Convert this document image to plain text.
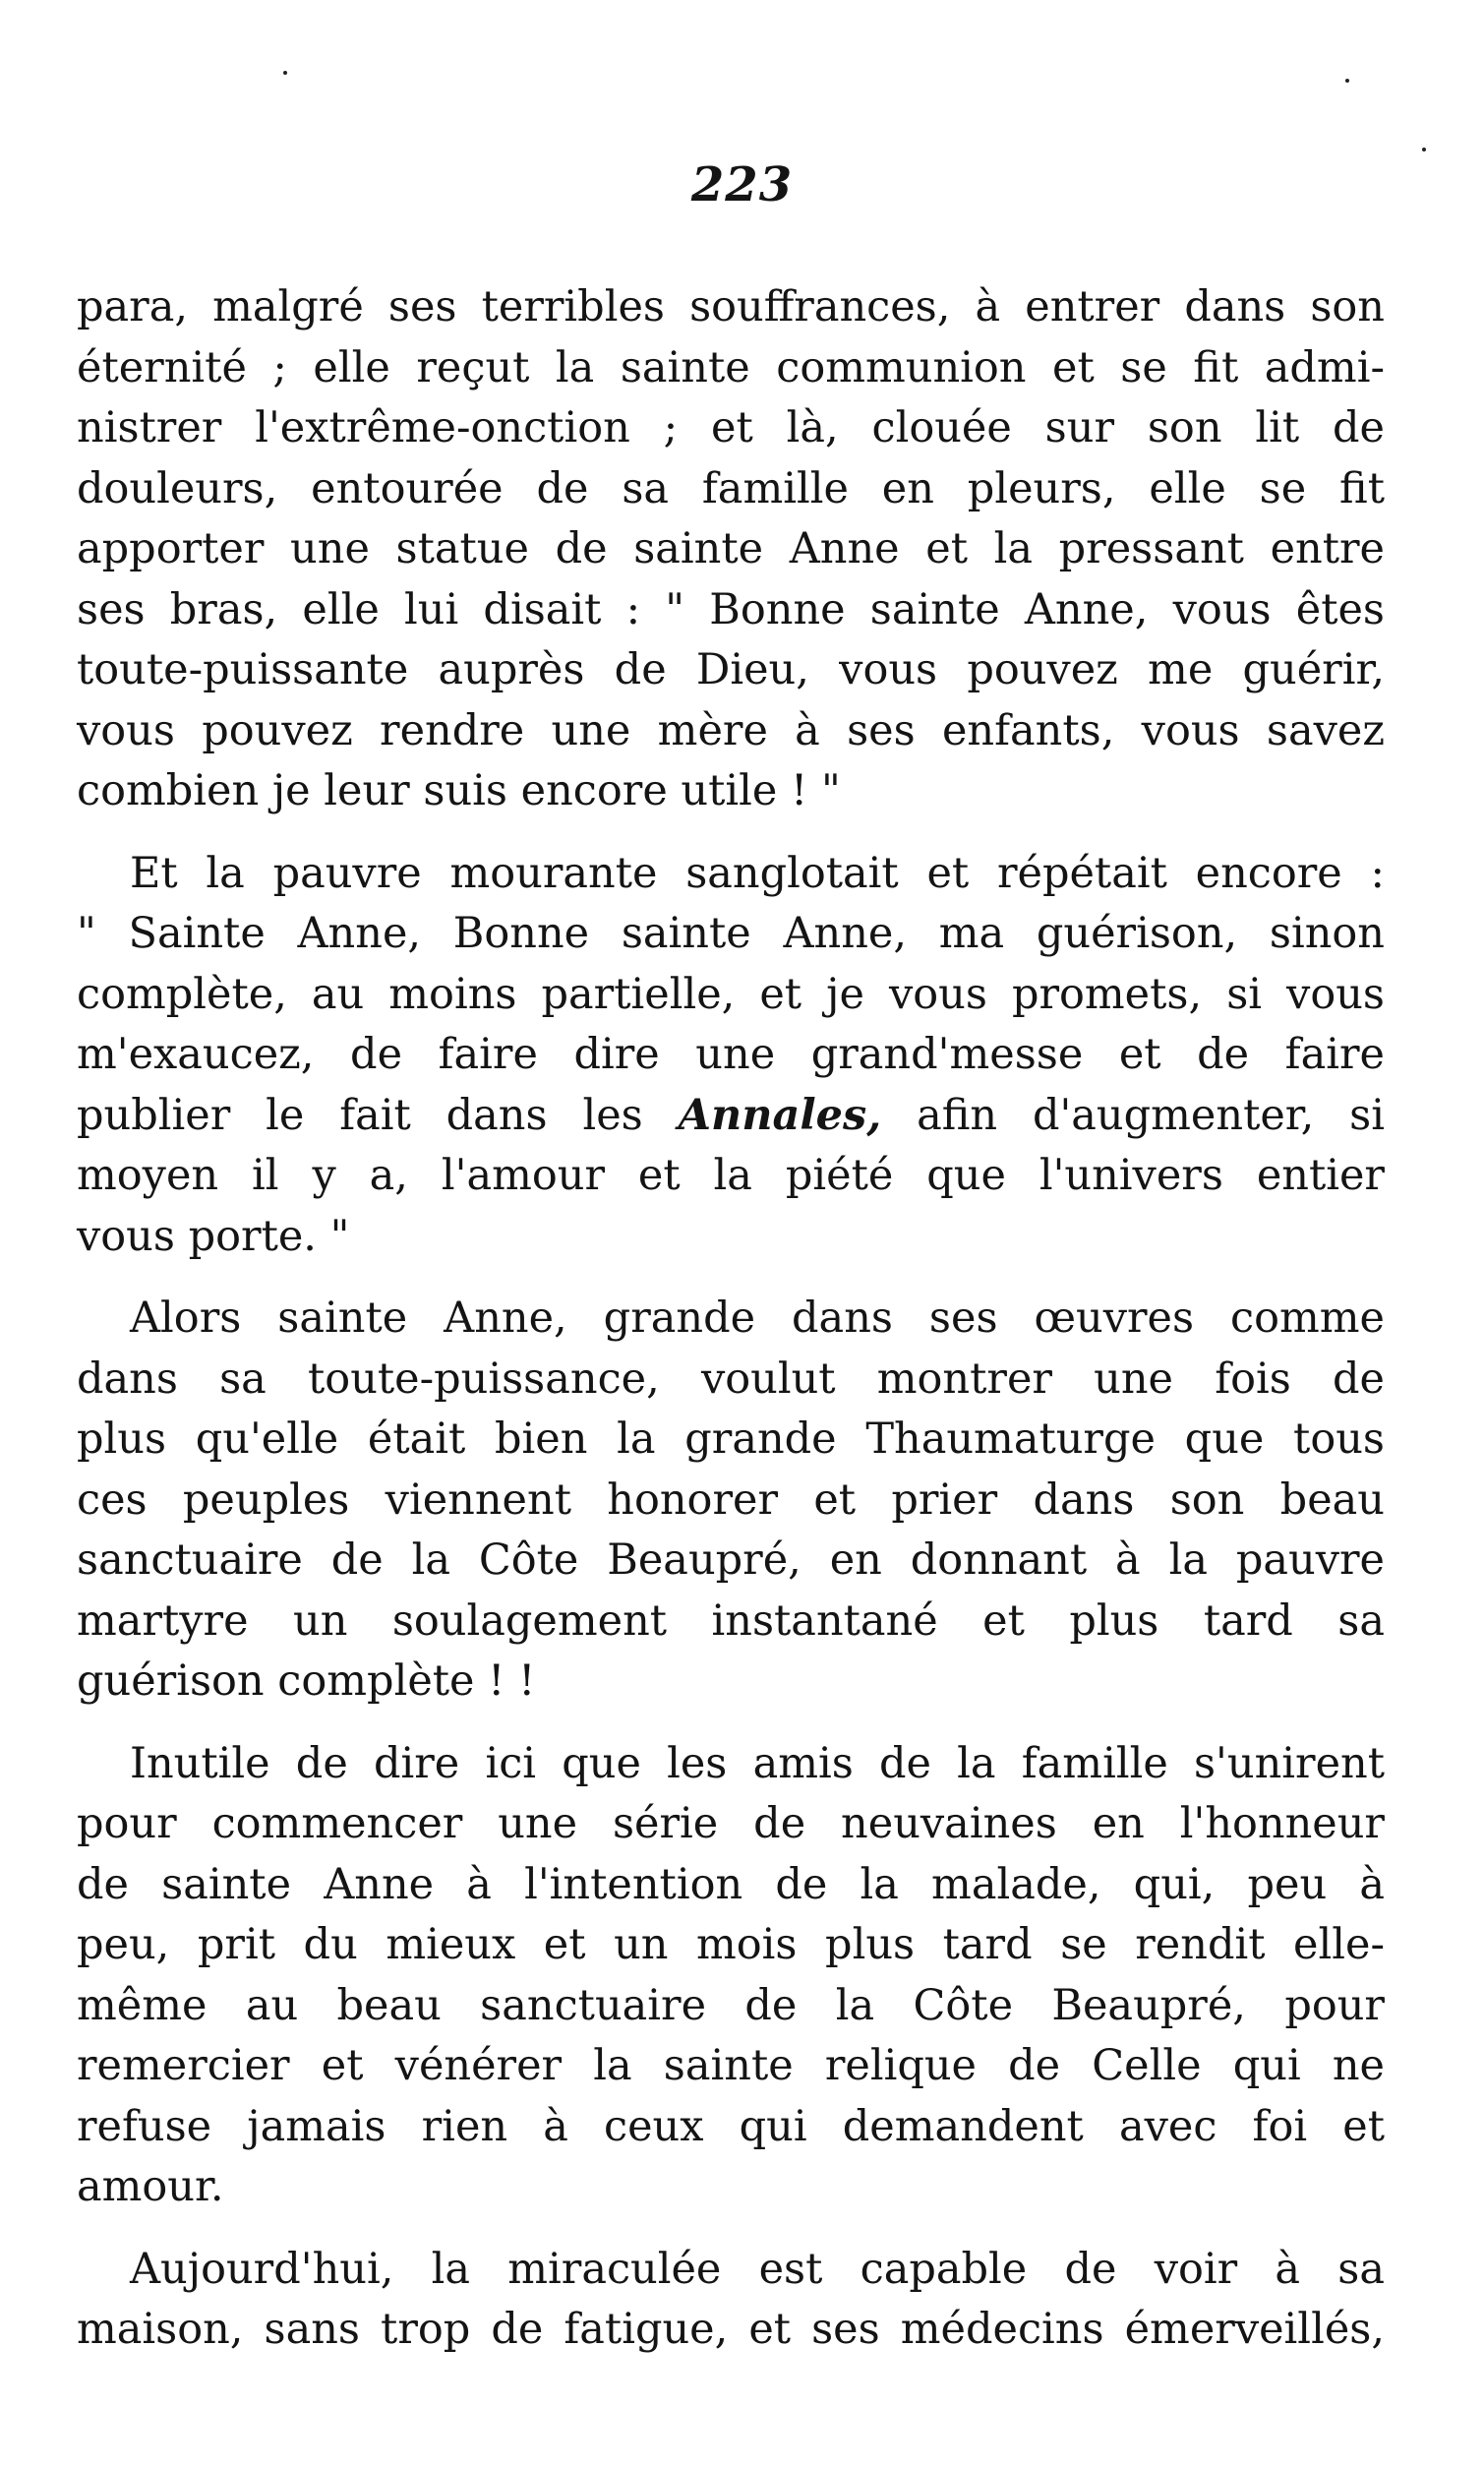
223

para, malgré ses terribles souffrances, à entrer dans son
éternité ; elle reçut la sainte communion et se fit admi-
nistrer l'extrême-onction ; et là, clouée sur son lit de
douleurs, entourée de sa famille en pleurs, elle se fit
apporter une statue de sainte Anne et la pressant entre
ses bras, elle lui disait : " Bonne sainte Anne, vous êtes
toute-puissante auprès de Dieu, vous pouvez me guérir,
vous pouvez rendre une mère à ses enfants, vous savez
combien je leur suis encore utile ! "

Et la pauvre mourante sanglotait et répétait encore :
" Sainte Anne, Bonne sainte Anne, ma guérison, sinon
complète, au moins partielle, et je vous promets, si vous
m'exaucez, de faire dire une grand'messe et de faire
publier le fait dans les Annales, afin d'augmenter, si
moyen il y a, l'amour et la piété que l'univers entier
vous porte. "

Alors sainte Anne, grande dans ses œuvres comme
dans sa toute-puissance, voulut montrer une fois de
plus qu'elle était bien la grande Thaumaturge que tous
ces peuples viennent honorer et prier dans son beau
sanctuaire de la Côte Beaupré, en donnant à la pauvre
martyre un soulagement instantané et plus tard sa
guérison complète ! !

Inutile de dire ici que les amis de la famille s'unirent
pour commencer une série de neuvaines en l'honneur
de sainte Anne à l'intention de la malade, qui, peu à
peu, prit du mieux et un mois plus tard se rendit elle-
même au beau sanctuaire de la Côte Beaupré, pour
remercier et vénérer la sainte relique de Celle qui ne
refuse jamais rien à ceux qui demandent avec foi et
amour.

Aujourd'hui, la miraculée est capable de voir à sa
maison, sans trop de fatigue, et ses médecins émerveillés,
